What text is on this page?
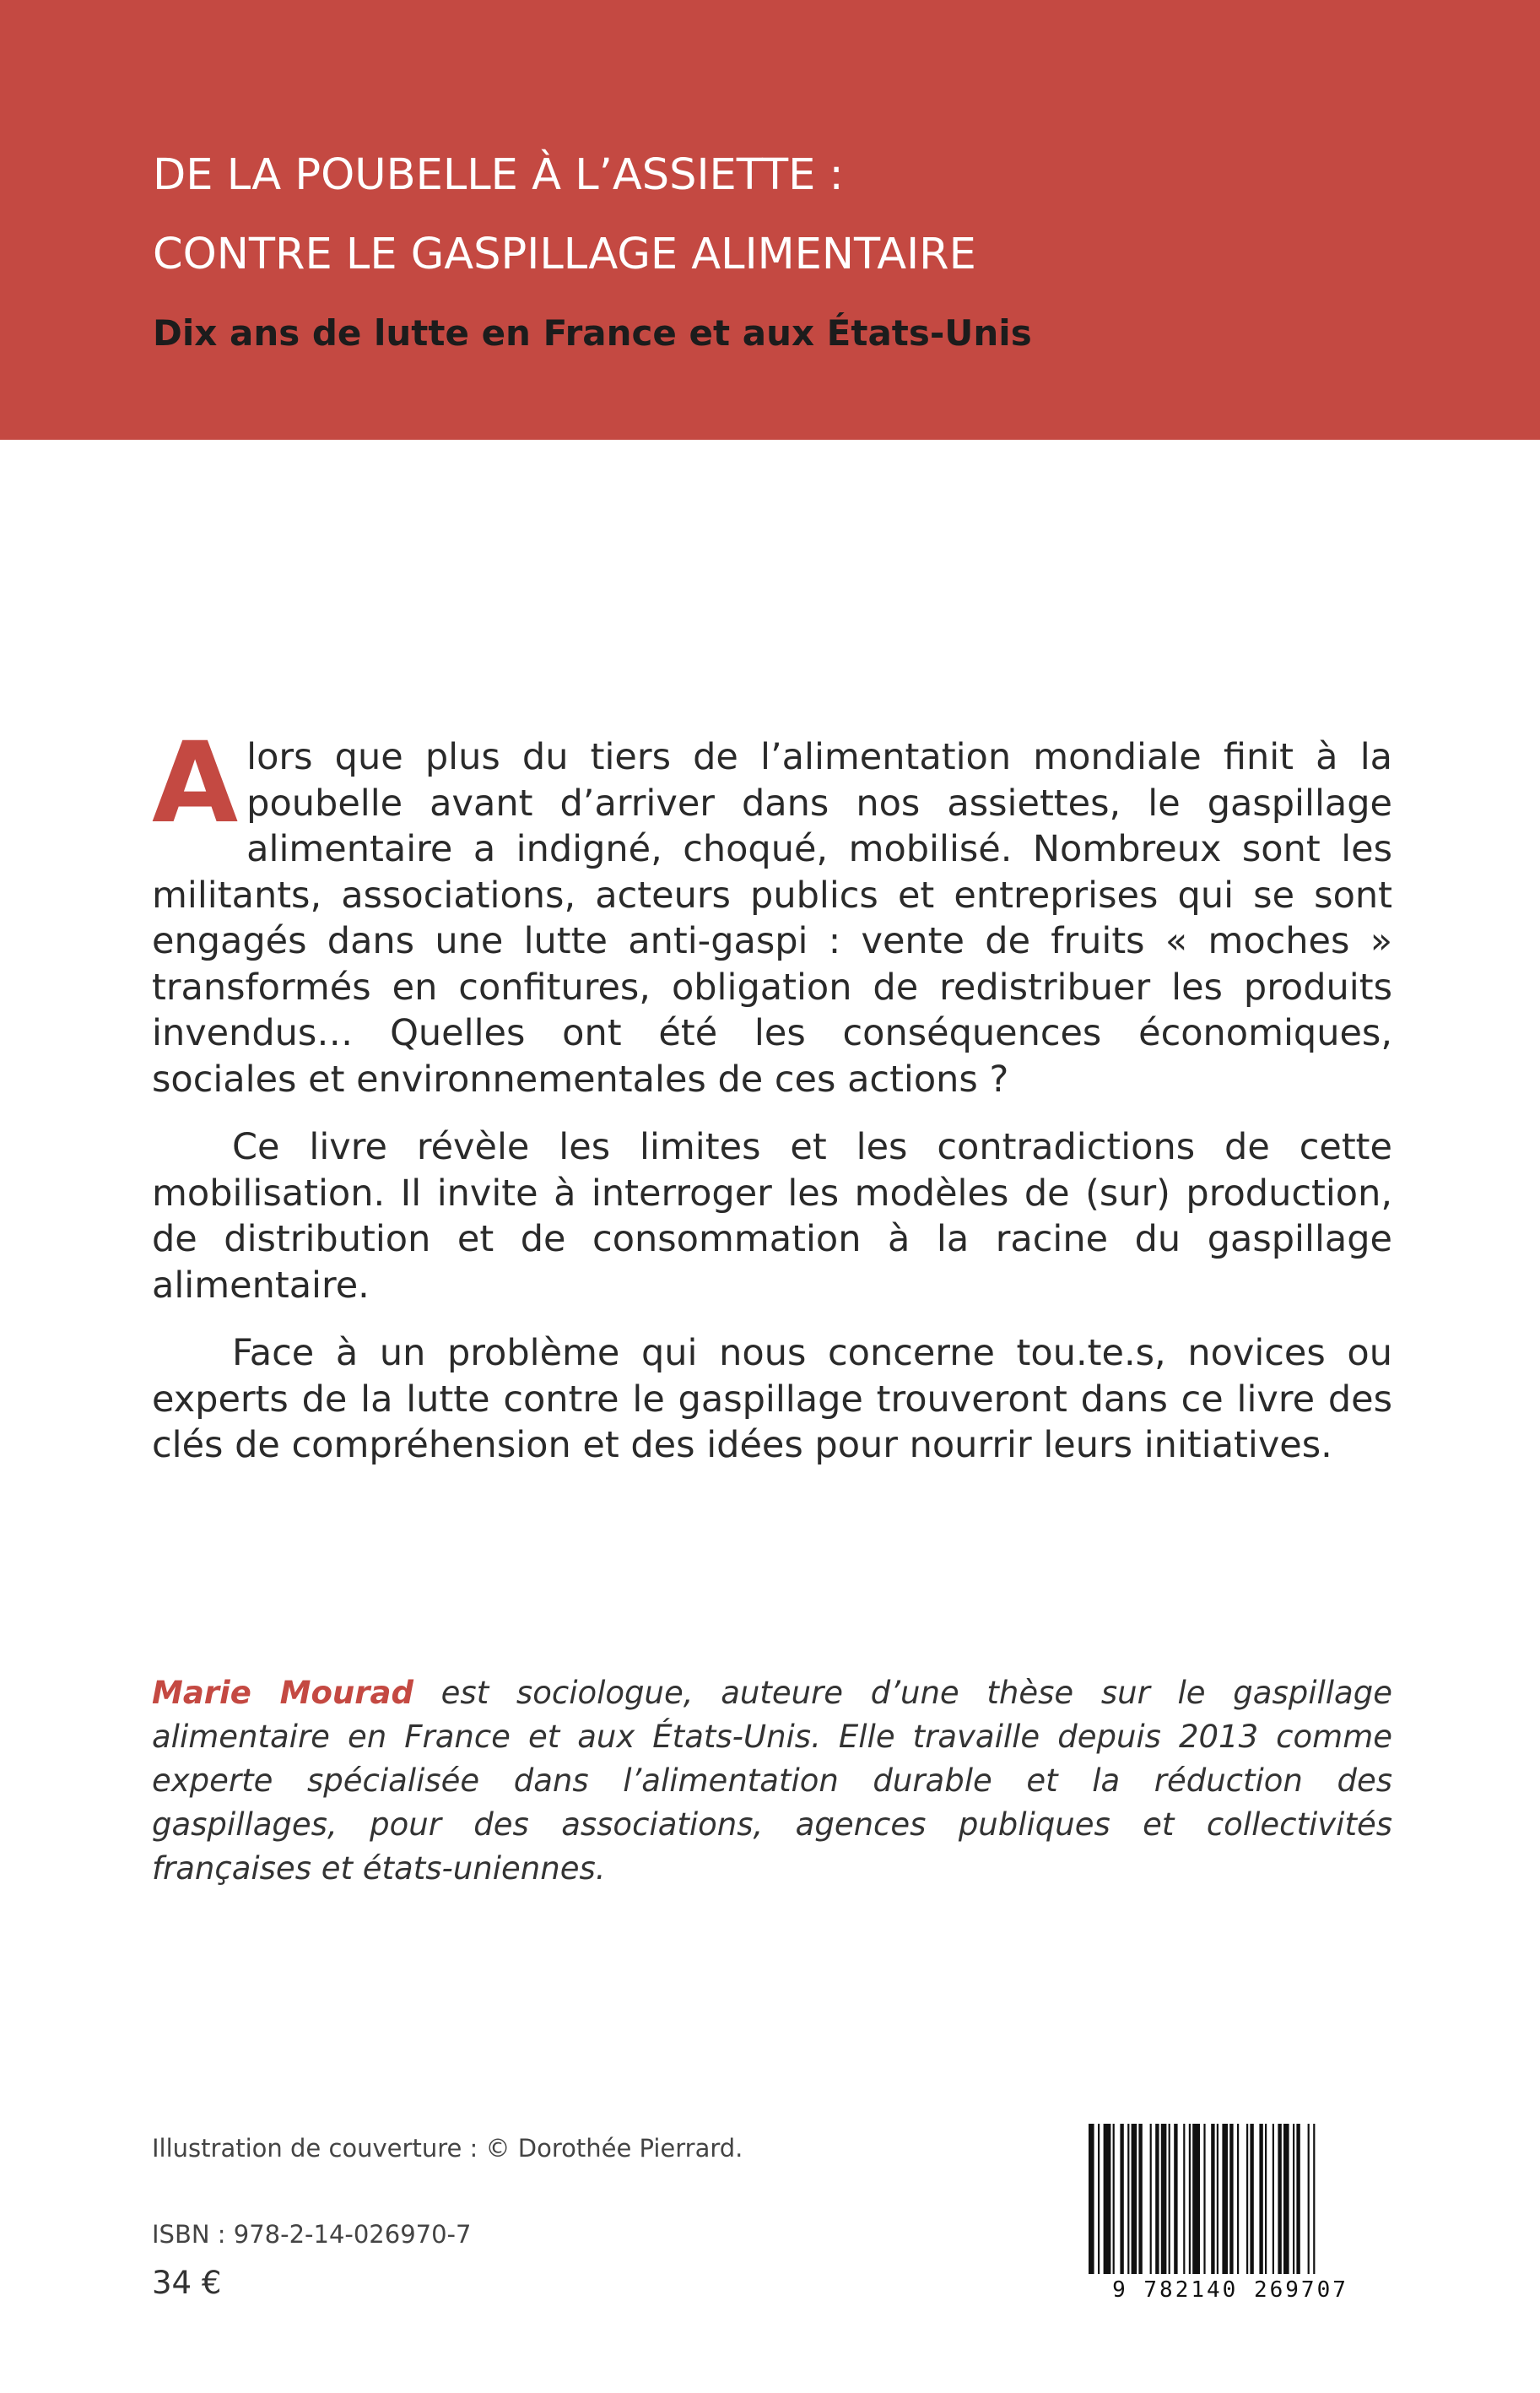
DE LA POUBELLE À L’ASSIETTE :
CONTRE LE GASPILLAGE ALIMENTAIRE
Dix ans de lutte en France et aux États-Unis

Alors que plus du tiers de l’alimentation mondiale finit à la poubelle avant d’arriver dans nos assiettes, le gaspillage alimentaire a indigné, choqué, mobilisé. Nombreux sont les militants, associations, acteurs publics et entreprises qui se sont engagés dans une lutte anti-gaspi : vente de fruits « moches » transformés en confitures, obligation de redistribuer les produits invendus… Quelles ont été les conséquences économiques, sociales et environnementales de ces actions ?

Ce livre révèle les limites et les contradictions de cette mobilisation. Il invite à interroger les modèles de (sur) production, de distribution et de consommation à la racine du gaspillage alimentaire.

Face à un problème qui nous concerne tou.te.s, novices ou experts de la lutte contre le gaspillage trouveront dans ce livre des clés de compréhension et des idées pour nourrir leurs initiatives.

Marie Mourad est sociologue, auteure d’une thèse sur le gaspillage alimentaire en France et aux États-Unis. Elle travaille depuis 2013 comme experte spécialisée dans l’alimentation durable et la réduction des gaspillages, pour des associations, agences publiques et collectivités françaises et états-uniennes.
Illustration de couverture : © Dorothée Pierrard.
ISBN : 978-2-14-026970-7
34 €	9 782140 269707
